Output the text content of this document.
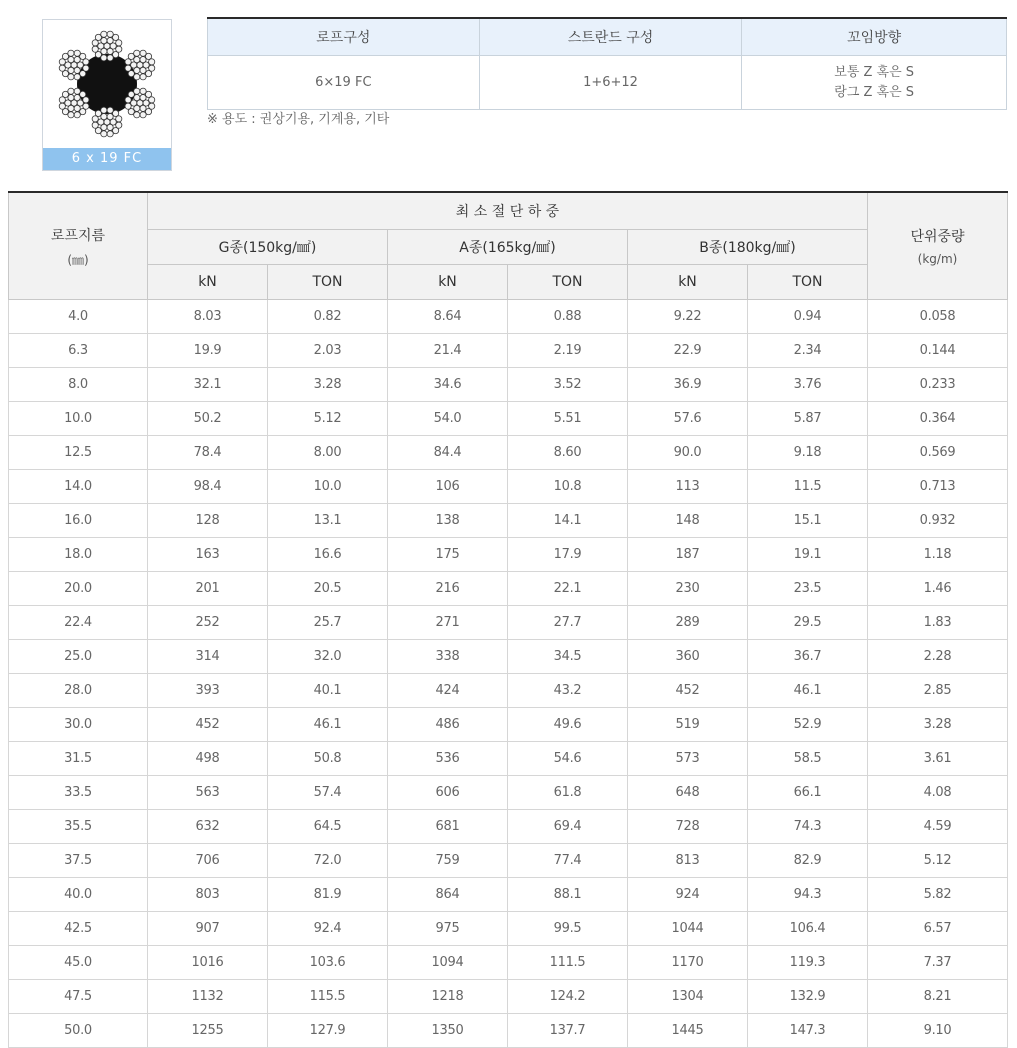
6 x 19 FC
로프구성	스트란드 구성	꼬임방향
6×19 FC	1+6+12	보통 Z 혹은 S
랑그 Z 혹은 S
※ 용도 : 권상기용, 기계용, 기타
로프지름
(㎜)	최 소 절 단 하 중						단위중량
(kg/m)

	G종(150kg/㎟)		A종(165kg/㎟)		B종(180kg/㎟)		
	kN	TON	kN	TON	kN	TON	
4.0	8.03	0.82	8.64	0.88	9.22	0.94	0.058
6.3	19.9	2.03	21.4	2.19	22.9	2.34	0.144
8.0	32.1	3.28	34.6	3.52	36.9	3.76	0.233
10.0	50.2	5.12	54.0	5.51	57.6	5.87	0.364
12.5	78.4	8.00	84.4	8.60	90.0	9.18	0.569
14.0	98.4	10.0	106	10.8	113	11.5	0.713
16.0	128	13.1	138	14.1	148	15.1	0.932
18.0	163	16.6	175	17.9	187	19.1	1.18
20.0	201	20.5	216	22.1	230	23.5	1.46
22.4	252	25.7	271	27.7	289	29.5	1.83
25.0	314	32.0	338	34.5	360	36.7	2.28
28.0	393	40.1	424	43.2	452	46.1	2.85
30.0	452	46.1	486	49.6	519	52.9	3.28
31.5	498	50.8	536	54.6	573	58.5	3.61
33.5	563	57.4	606	61.8	648	66.1	4.08
35.5	632	64.5	681	69.4	728	74.3	4.59
37.5	706	72.0	759	77.4	813	82.9	5.12
40.0	803	81.9	864	88.1	924	94.3	5.82
42.5	907	92.4	975	99.5	1044	106.4	6.57
45.0	1016	103.6	1094	111.5	1170	119.3	7.37
47.5	1132	115.5	1218	124.2	1304	132.9	8.21
50.0	1255	127.9	1350	137.7	1445	147.3	9.10
